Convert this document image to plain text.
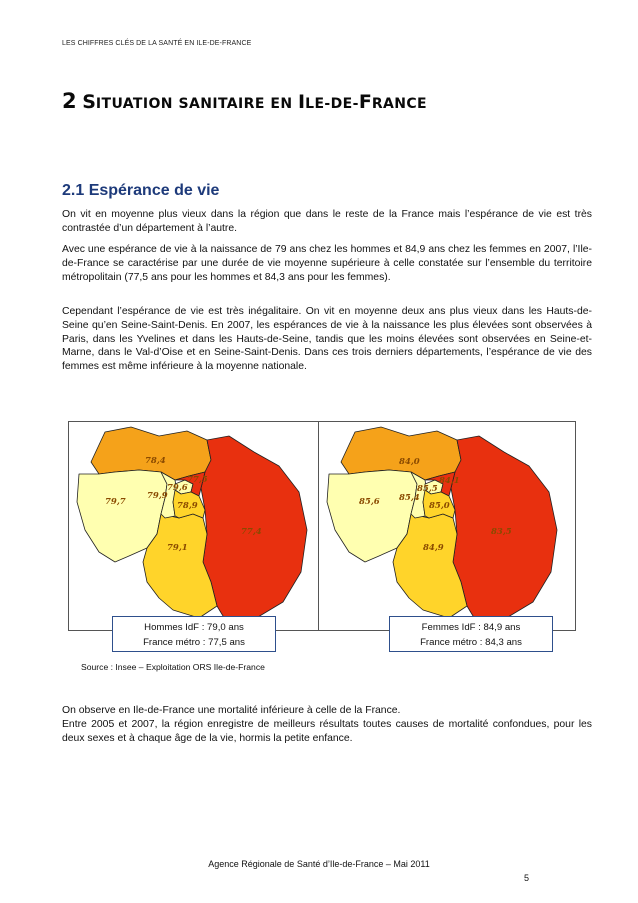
LES CHIFFRES CLÉS DE LA SANTÉ EN ILE-DE-FRANCE
2 SITUATION SANITAIRE EN ILE-DE-FRANCE
2.1 Espérance de vie
On vit en moyenne plus vieux dans la région que dans le reste de la France mais l’espérance de vie est très contrastée d’un département à l’autre.
Avec une espérance de vie à la naissance de 79 ans chez les hommes et 84,9 ans chez les femmes en 2007, l’Ile-de-France se caractérise par une durée de vie moyenne supérieure à celle constatée sur l’ensemble du territoire métropolitain (77,5 ans pour les hommes et 84,3 ans pour les femmes).
Cependant l’espérance de vie est très inégalitaire. On vit en moyenne deux ans plus vieux dans les Hauts-de-Seine qu’en Seine-Saint-Denis. En 2007, les espérances de vie à la naissance les plus élevées sont observées à Paris, dans les Yvelines et dans les Hauts-de-Seine, tandis que les moins élevées sont observées en Seine-et-Marne, dans le Val-d’Oise et en Seine-Saint-Denis. Dans ces trois derniers départements, l’espérance de vie des femmes est même inférieure à la moyenne nationale.
78,4
79,7
79,1
77,4
79,9
79,6
77,5
78,9
84,0
85,6
84,9
83,5
85,4
85,5
84,1
85,0
Hommes IdF : 79,0 ans
France métro : 77,5 ans
Femmes IdF : 84,9 ans
France métro : 84,3 ans
Source : Insee – Exploitation ORS Ile-de-France
On observe en Ile-de-France une mortalité inférieure à celle de la France.
Entre 2005 et 2007, la région enregistre de meilleurs résultats toutes causes de mortalité confondues, pour les deux sexes et à chaque âge de la vie, hormis la petite enfance.
Agence Régionale de Santé d’Ile-de-France – Mai 2011
5
